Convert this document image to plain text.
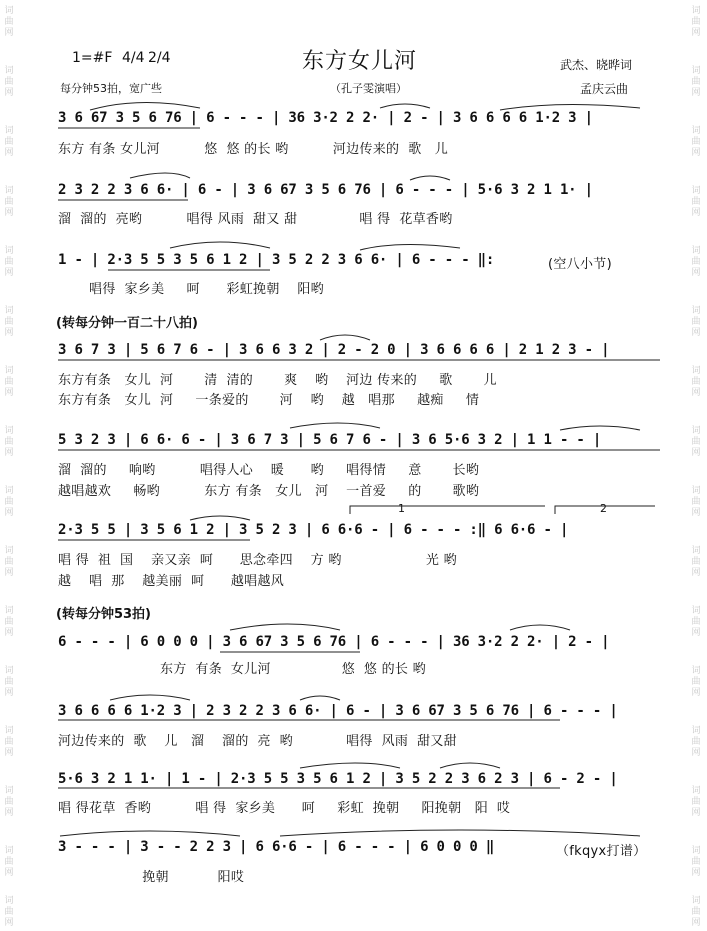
词曲网
词曲网
词曲网
词曲网
词曲网
词曲网
词曲网
词曲网
词曲网
词曲网
词曲网
词曲网
词曲网
词曲网
词曲网
词曲网
词曲网
词曲网
词曲网
词曲网
词曲网
词曲网
词曲网
词曲网
词曲网
词曲网
词曲网
词曲网
词曲网
词曲网
词曲网
词曲网
1=#F 4/4 2/4	东方女儿河	武杰、晓晔词
每分钟53拍，宽广些	（孔子雯演唱）	孟庆云曲
3 6 67 3 5 6 76 | 6 - - - | 36 3·2 2 2· | 2 - | 3 6 6 6 6 1·2 3 |
东方 有条 女儿河          悠  悠 的长 哟          河边传来的  歌   儿
2 3 2 2 3 6 6· | 6 - | 3 6 67 3 5 6 76 | 6 - - - | 5·6 3 2 1 1· |
溜  溜的  亮哟          唱得 风雨  甜又 甜              唱 得  花草香哟
1 - | 2·3 5 5 3 5 6 1 2 | 3 5 2 2 3 6 6· | 6 - - - ‖:	(空八小节)
唱得  家乡美     呵      彩虹挽朝    阳哟
(转每分钟一百二十八拍)
3 6 7 3 | 5 6 7 6 - | 3 6 6 3 2 | 2 - 2 0 | 3 6 6 6 6 | 2 1 2 3 - |
东方有条   女儿  河       清  清的       爽    哟    河边 传来的     歌       儿
东方有条   女儿  河     一条爱的       河    哟    越   唱那     越痴     情
5 3 2 3 | 6 6· 6 - | 3 6 7 3 | 5 6 7 6 - | 3 6 5·6 3 2 | 1 1 - - |
溜  溜的     响哟          唱得人心    暖      哟     唱得情     意       长哟
越唱越欢     畅哟          东方 有条   女儿   河    一首爱     的       歌哟
1	2
2·3 5 5 | 3 5 6 1 2 | 3 5 2 3 | 6 6·6 - | 6 - - - :‖ 6 6·6 - |
唱 得  祖  国    亲又亲  呵      思念牵四    方 哟                   光 哟
越    唱  那    越美丽  呵      越唱越风
(转每分钟53拍)
6 - - - | 6 0 0 0 | 3 6 67 3 5 6 76 | 6 - - - | 36 3·2 2 2· | 2 - |
东方  有条  女儿河                悠  悠 的长 哟
3 6 6 6 6 1·2 3 | 2 3 2 2 3 6 6· | 6 - | 3 6 67 3 5 6 76 | 6 - - - |
河边传来的  歌    儿   溜    溜的  亮  哟            唱得  风雨  甜又甜
5·6 3 2 1 1· | 1 - | 2·3 5 5 3 5 6 1 2 | 3 5 2 2 3 6 2 3 | 6 - 2 - |
唱 得花草  香哟          唱 得  家乡美      呵     彩虹  挽朝     阳挽朝   阳  哎
3 - - - | 3 - - 2 2 3 | 6 6·6 - | 6 - - - | 6 0 0 0 ‖	（fkqyx打谱）
挽朝           阳哎
